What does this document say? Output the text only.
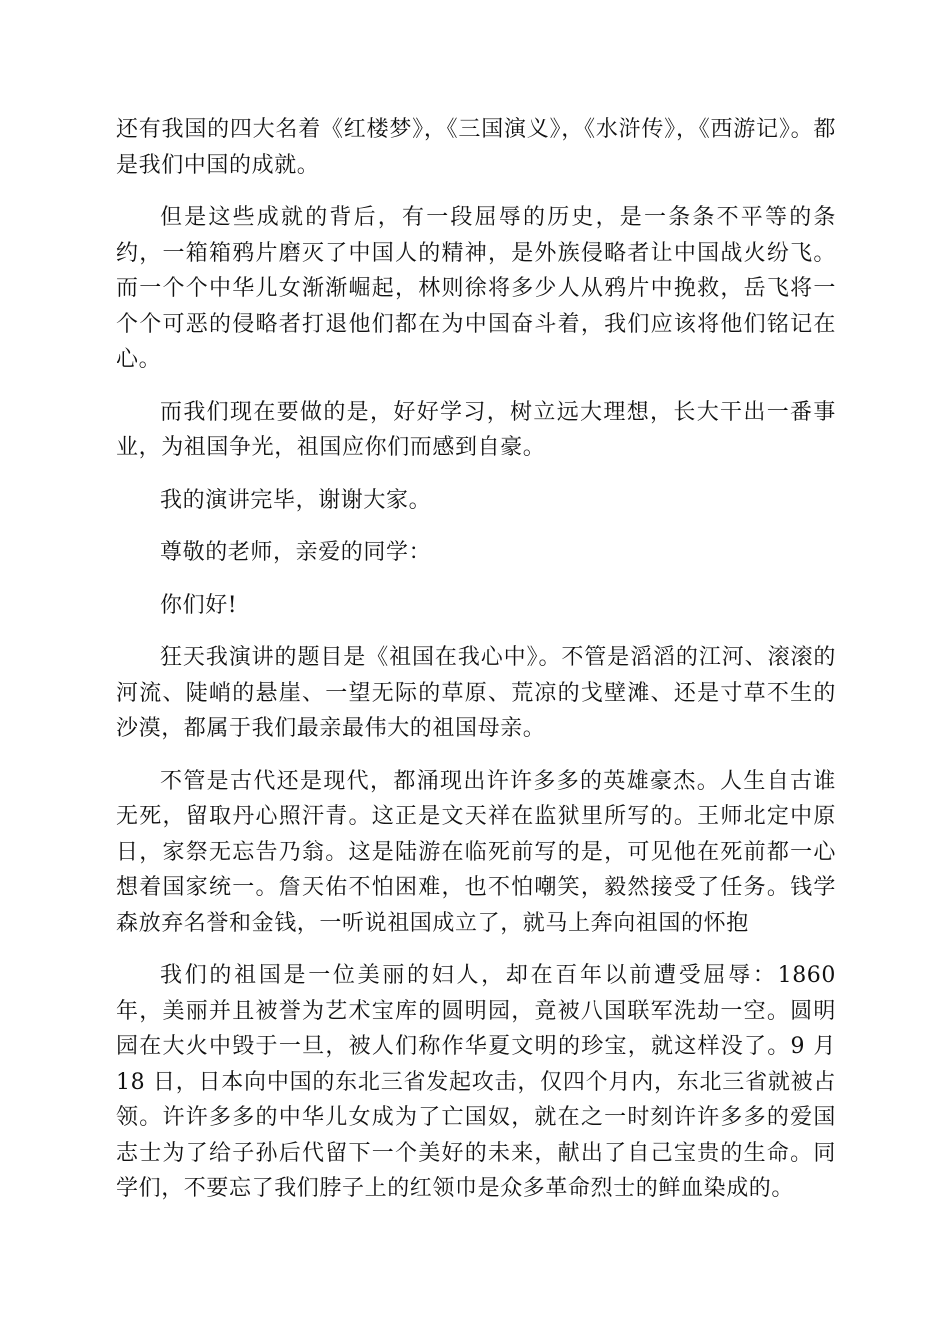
还有我国的四大名着《红楼梦》，《三国演义》，《水浒传》，《西游记》。都是我们中国的成就。

但是这些成就的背后，有一段屈辱的历史，是一条条不平等的条约，一箱箱鸦片磨灭了中国人的精神，是外族侵略者让中国战火纷飞。而一个个中华儿女渐渐崛起，林则徐将多少人从鸦片中挽救，岳飞将一个个可恶的侵略者打退他们都在为中国奋斗着，我们应该将他们铭记在心。

而我们现在要做的是，好好学习，树立远大理想，长大干出一番事业，为祖国争光，祖国应你们而感到自豪。

我的演讲完毕，谢谢大家。

尊敬的老师，亲爱的同学：

你们好!

狂天我演讲的题目是《祖国在我心中》。不管是滔滔的江河、滚滚的河流、陡峭的悬崖、一望无际的草原、荒凉的戈壁滩、还是寸草不生的沙漠，都属于我们最亲最伟大的祖国母亲。

不管是古代还是现代，都涌现出许许多多的英雄豪杰。人生自古谁无死，留取丹心照汗青。这正是文天祥在监狱里所写的。王师北定中原日，家祭无忘告乃翁。这是陆游在临死前写的是，可见他在死前都一心想着国家统一。詹天佑不怕困难，也不怕嘲笑，毅然接受了任务。钱学森放弃名誉和金钱，一听说祖国成立了，就马上奔向祖国的怀抱

我们的祖国是一位美丽的妇人，却在百年以前遭受屈辱：1860 年，美丽并且被誉为艺术宝库的圆明园，竟被八国联军洗劫一空。圆明园在大火中毁于一旦，被人们称作华夏文明的珍宝，就这样没了。9 月 18 日，日本向中国的东北三省发起攻击，仅四个月内，东北三省就被占领。许许多多的中华儿女成为了亡国奴，就在之一时刻许许多多的爱国志士为了给子孙后代留下一个美好的未来，献出了自己宝贵的生命。同学们，不要忘了我们脖子上的红领巾是众多革命烈士的鲜血染成的。
